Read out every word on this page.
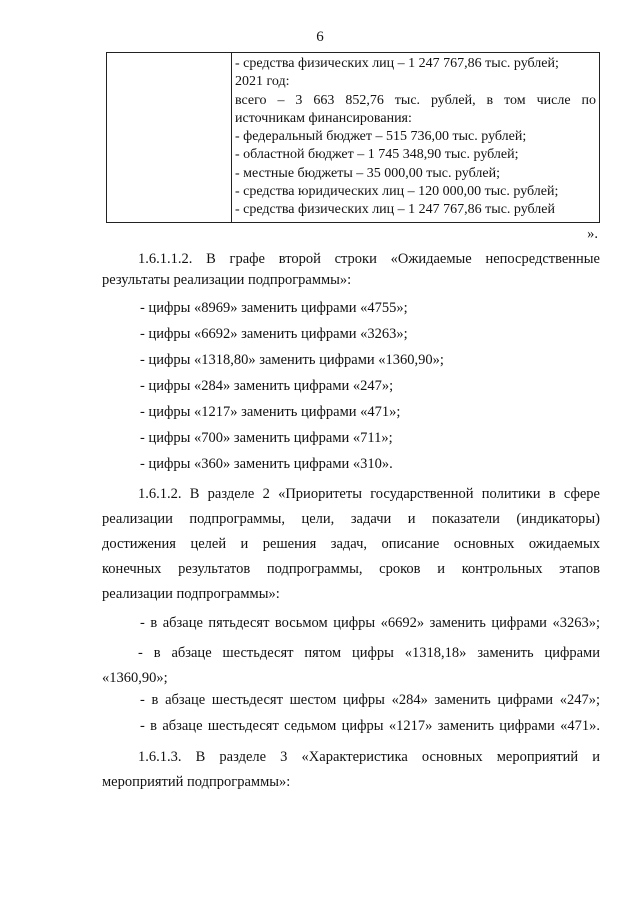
6

- средства физических лиц – 1 247 767,86 тыс. рублей;
2021 год:
всего – 3 663 852,76 тыс. рублей, в том числе по
источникам финансирования:
- федеральный бюджет – 515 736,00 тыс. рублей;
- областной бюджет – 1 745 348,90 тыс. рублей;
- местные бюджеты – 35 000,00 тыс. рублей;
- средства юридических лиц – 120 000,00 тыс. рублей;
- средства физических лиц – 1 247 767,86 тыс. рублей
».
1.6.1.1.2. В графе второй строки «Ожидаемые непосредственные
результаты реализации подпрограммы»:
- цифры «8969» заменить цифрами «4755»;
- цифры «6692» заменить цифрами «3263»;
- цифры «1318,80» заменить цифрами «1360,90»;
- цифры «284» заменить цифрами «247»;
- цифры «1217» заменить цифрами «471»;
- цифры «700» заменить цифрами «711»;
- цифры «360» заменить цифрами «310».
1.6.1.2. В разделе 2 «Приоритеты государственной политики в сфере
реализации подпрограммы, цели, задачи и показатели (индикаторы)
достижения целей и решения задач, описание основных ожидаемых
конечных результатов подпрограммы, сроков и контрольных этапов
реализации подпрограммы»:
- в абзаце пятьдесят восьмом цифры «6692» заменить цифрами «3263»;
- в абзаце шестьдесят пятом цифры «1318,18» заменить цифрами
«1360,90»;
- в абзаце шестьдесят шестом цифры «284» заменить цифрами «247»;
- в абзаце шестьдесят седьмом цифры «1217» заменить цифрами «471».
1.6.1.3. В разделе 3 «Характеристика основных мероприятий и
мероприятий подпрограммы»:
